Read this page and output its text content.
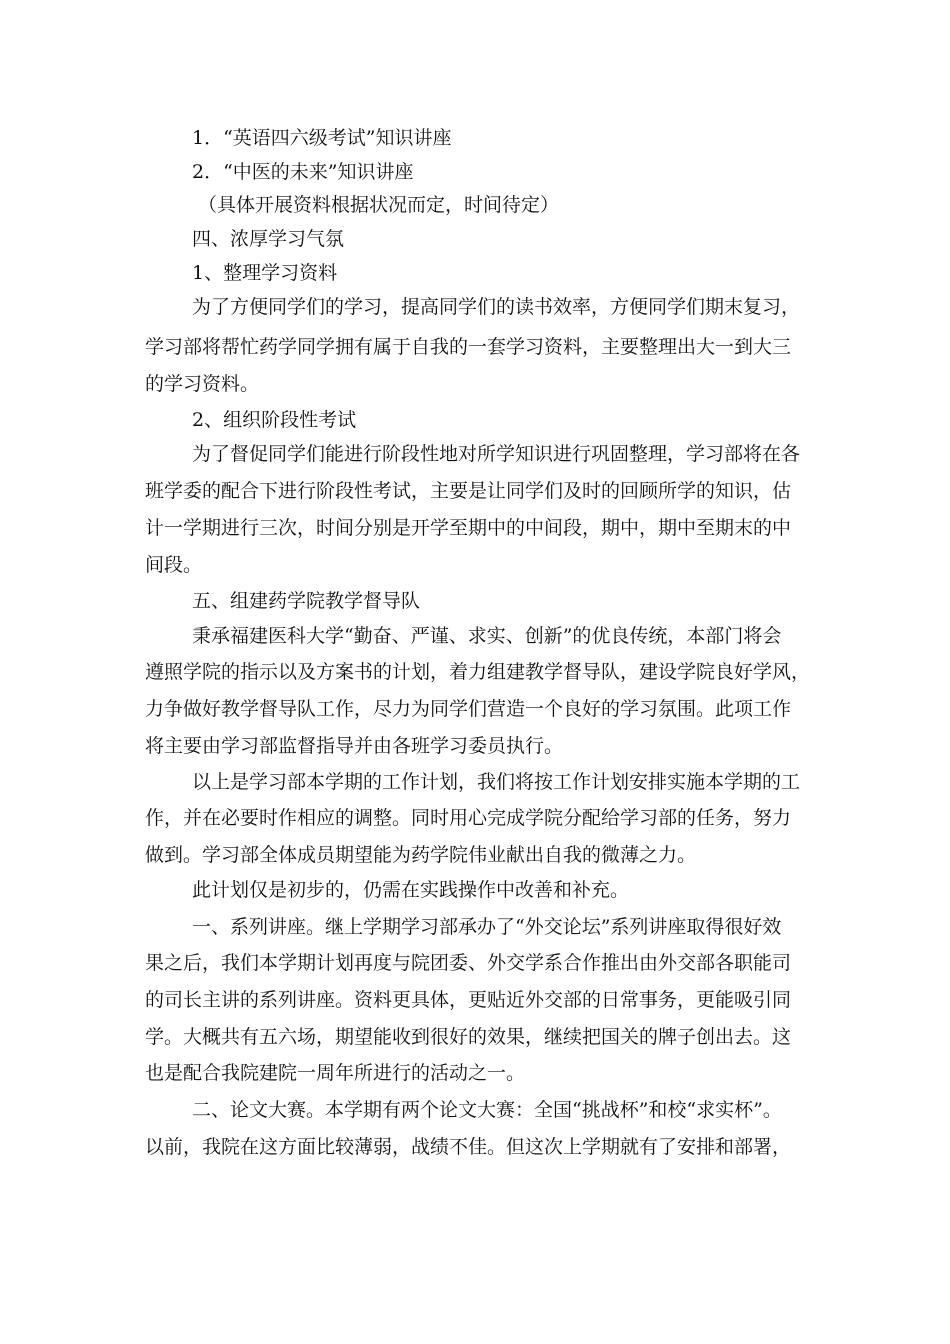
1．“英语四六级考试”知识讲座
2．“中医的未来”知识讲座
（具体开展资料根据状况而定，时间待定）
四、浓厚学习气氛
1、整理学习资料
为了方便同学们的学习，提高同学们的读书效率，方便同学们期末复习，
学习部将帮忙药学同学拥有属于自我的一套学习资料，主要整理出大一到大三
的学习资料。
2、组织阶段性考试
为了督促同学们能进行阶段性地对所学知识进行巩固整理，学习部将在各
班学委的配合下进行阶段性考试，主要是让同学们及时的回顾所学的知识，估
计一学期进行三次，时间分别是开学至期中的中间段，期中，期中至期末的中
间段。
五、组建药学院教学督导队
秉承福建医科大学“勤奋、严谨、求实、创新”的优良传统，本部门将会
遵照学院的指示以及方案书的计划，着力组建教学督导队，建设学院良好学风，
力争做好教学督导队工作，尽力为同学们营造一个良好的学习氛围。此项工作
将主要由学习部监督指导并由各班学习委员执行。
以上是学习部本学期的工作计划，我们将按工作计划安排实施本学期的工
作，并在必要时作相应的调整。同时用心完成学院分配给学习部的任务，努力
做到。学习部全体成员期望能为药学院伟业献出自我的微薄之力。
此计划仅是初步的，仍需在实践操作中改善和补充。
一、系列讲座。继上学期学习部承办了“外交论坛”系列讲座取得很好效
果之后，我们本学期计划再度与院团委、外交学系合作推出由外交部各职能司
的司长主讲的系列讲座。资料更具体，更贴近外交部的日常事务，更能吸引同
学。大概共有五六场，期望能收到很好的效果，继续把国关的牌子创出去。这
也是配合我院建院一周年所进行的活动之一。
二、论文大赛。本学期有两个论文大赛：全国“挑战杯”和校“求实杯”。
以前，我院在这方面比较薄弱，战绩不佳。但这次上学期就有了安排和部署，
